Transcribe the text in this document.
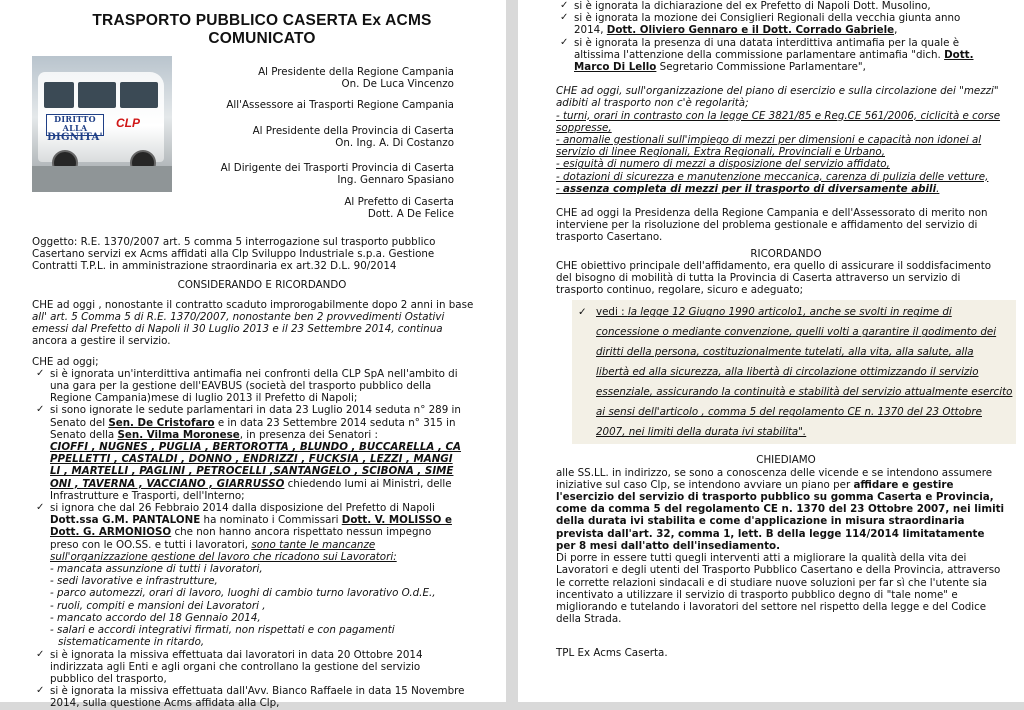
TRASPORTO PUBBLICO CASERTA Ex ACMS
COMUNICATO
DIRITTO ALLA
DIGNITA'
CLP

Al Presidente della Regione Campania

On. De Luca Vincenzo

All'Assessore ai Trasporti Regione Campania

Al Presidente della Provincia di Caserta

On. Ing. A. Di Costanzo

Al Dirigente dei Trasporti Provincia di Caserta

Ing. Gennaro Spasiano

Al Prefetto di Caserta

Dott. A De Felice

Oggetto: R.E. 1370/2007 art. 5 comma 5 interrogazione sul trasporto pubblico

Casertano servizi ex Acms affidati alla Clp Sviluppo Industriale s.p.a. Gestione

Contratti T.P.L. in amministrazione straordinaria ex art.32 D.L. 90/2014

CONSIDERANDO E RICORDANDO

CHE ad oggi , nonostante il contratto scaduto improrogabilmente dopo 2 anni in base

all' art. 5 Comma 5 di R.E. 1370/2007, nonostante ben 2 provvedimenti Ostativi

emessi dal Prefetto di Napoli il 30 Luglio 2013 e il 23 Settembre 2014, continua

ancora a gestire il servizio.

CHE ad oggi;

✓ si è ignorata un'interdittiva antimafia nei confronti della CLP SpA nell'ambito di

una gara per la gestione dell'EAVBUS (società del trasporto pubblico della

Regione Campania)mese di luglio 2013 il Prefetto di Napoli;

✓ si sono ignorate le sedute parlamentari in data 23 Luglio 2014 seduta n° 289 in

Senato del Sen. De Cristofaro e in data 23 Settembre 2014 seduta n° 315 in

Senato della Sen. Vilma Moronese, in presenza dei Senatori :

CIOFFI , NUGNES , PUGLIA , BERTOROTTA , BLUNDO , BUCCARELLA , CA

PPELLETTI , CASTALDI , DONNO , ENDRIZZI , FUCKSIA , LEZZI , MANGI

LI , MARTELLI , PAGLINI , PETROCELLI ,SANTANGELO , SCIBONA , SIME

ONI , TAVERNA , VACCIANO , GIARRUSSO chiedendo lumi ai Ministri, delle

Infrastrutture e Trasporti, dell'Interno;

✓ si ignora che dal 26 Febbraio 2014 dalla disposizione del Prefetto di Napoli

Dott.ssa G.M. PANTALONE ha nominato i Commissari Dott. V. MOLISSO e

Dott. G. ARMONIOSO che non hanno ancora rispettato nessun impegno

preso con le OO.SS. e tutti i lavoratori, sono tante le mancanze

sull'organizzazione gestione del lavoro che ricadono sui Lavoratori:

- mancata assunzione di tutti i lavoratori,

- sedi lavorative e infrastrutture,

- parco automezzi, orari di lavoro, luoghi di cambio turno lavorativo O.d.E.,

- ruoli, compiti e mansioni dei Lavoratori ,

- mancato accordo del 18 Gennaio 2014,

- salari e accordi integrativi firmati, non rispettati e con pagamenti

sistematicamente in ritardo,

✓ si è ignorata la missiva effettuata dai lavoratori in data 20 Ottobre 2014

indirizzata agli Enti e agli organi che controllano la gestione del servizio

pubblico del trasporto,

✓ si è ignorata la missiva effettuata dall'Avv. Bianco Raffaele in data 15 Novembre

2014, sulla questione Acms affidata alla Clp,

✓ si è ignorata la dichiarazione del ex Prefetto di Napoli Dott. Musolino,

✓ si è ignorata la mozione dei Consiglieri Regionali della vecchia giunta anno

2014, Dott. Oliviero Gennaro e il Dott. Corrado Gabriele,

✓ si è ignorata la presenza di una datata interdittiva antimafia per la quale è

altissima l'attenzione della commissione parlamentare antimafia "dich. Dott.

Marco Di Lello Segretario Commissione Parlamentare",

CHE ad oggi, sull'organizzazione del piano di esercizio e sulla circolazione dei "mezzi"

adibiti al trasporto non c'è regolarità;

- turni, orari in contrasto con la legge CE 3821/85 e Reg.CE 561/2006, ciclicità e corse

soppresse,

- anomalie gestionali sull'impiego di mezzi per dimensioni e capacità non idonei al

servizio di linee Regionali, Extra Regionali, Provinciali e Urbano,

- esiguità di numero di mezzi a disposizione del servizio affidato,

- dotazioni di sicurezza e manutenzione meccanica, carenza di pulizia delle vetture,

- assenza completa di mezzi per il trasporto di diversamente abili.

CHE ad oggi la Presidenza della Regione Campania e dell'Assessorato di merito non

interviene per la risoluzione del problema gestionale e affidamento del servizio di

trasporto Casertano.

RICORDANDO

CHE obiettivo principale dell'affidamento, era quello di assicurare il soddisfacimento

del bisogno di mobilità di tutta la Provincia di Caserta attraverso un servizio di

trasporto continuo, regolare, sicuro e adeguato;

✓ vedi : la legge 12 Giugno 1990 articolo1, anche se svolti in regime di

concessione o mediante convenzione, quelli volti a garantire il godimento dei

diritti della persona, costituzionalmente tutelati, alla vita, alla salute, alla

libertà ed alla sicurezza, alla libertà di circolazione ottimizzando il servizio

essenziale, assicurando la continuità e stabilità del servizio attualmente esercito

ai sensi dell'articolo , comma 5 del regolamento CE n. 1370 del 23 Ottobre

2007, nei limiti della durata ivi stabilita".

CHIEDIAMO

alle SS.LL. in indirizzo, se sono a conoscenza delle vicende e se intendono assumere

iniziative sul caso Clp, se intendono avviare un piano per affidare e gestire

l'esercizio del servizio di trasporto pubblico su gomma Caserta e Provincia,

come da comma 5 del regolamento CE n. 1370 del 23 Ottobre 2007, nei limiti

della durata ivi stabilita e come d'applicazione in misura straordinaria

prevista dall'art. 32, comma 1, lett. B della legge 114/2014 limitatamente

per 8 mesi dall'atto dell'insediamento.

Di porre in essere tutti quegli interventi atti a migliorare la qualità della vita dei

Lavoratori e degli utenti del Trasporto Pubblico Casertano e della Provincia, attraverso

le corrette relazioni sindacali e di studiare nuove soluzioni per far sì che l'utente sia

incentivato a utilizzare il servizio di trasporto pubblico degno di "tale nome" e

migliorando e tutelando i lavoratori del settore nel rispetto della legge e del Codice

della Strada.

TPL Ex Acms Caserta.
